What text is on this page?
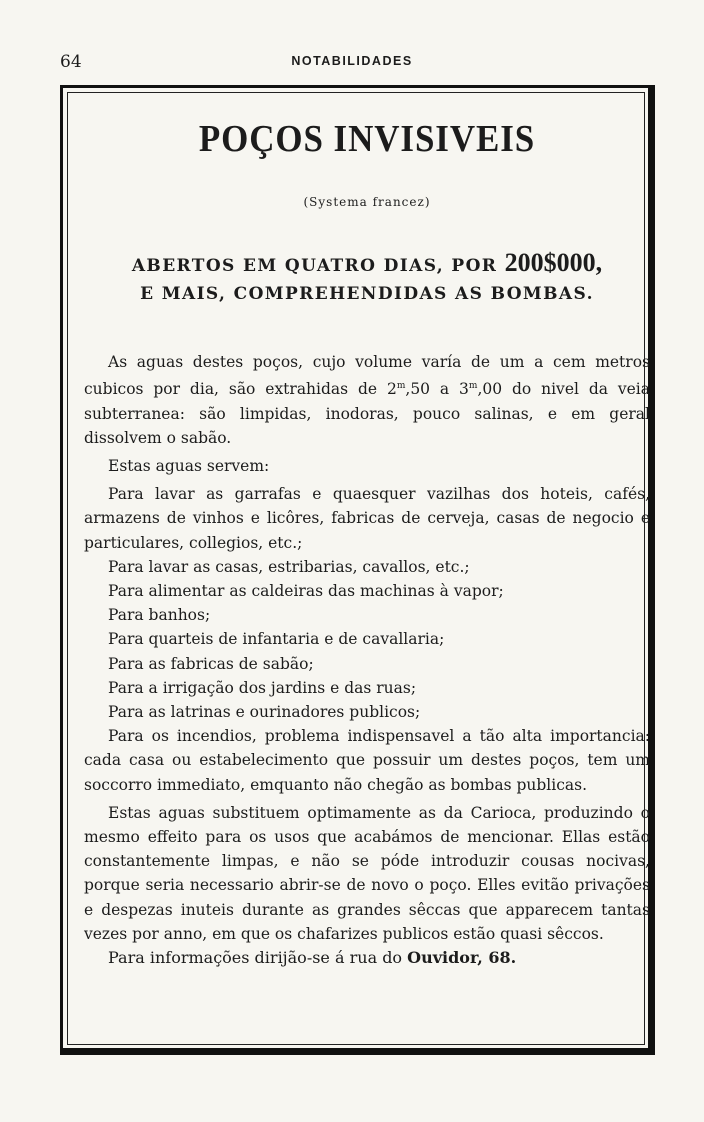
64	NOTABILIDADES
POÇOS INVISIVEIS
(Systema francez)
ABERTOS EM QUATRO DIAS, POR 200$000,
E MAIS, COMPREHENDIDAS AS BOMBAS.

As aguas destes poços, cujo volume varía de um a cem metros cubicos por dia, são extrahidas de 2$^m$,50 a 3$^m$,00 do nivel da veia subterranea: são limpidas, inodoras, pouco salinas, e em geral dissolvem o sabão.

Estas aguas servem:

Para lavar as garrafas e quaesquer vazilhas dos hoteis, cafés, armazens de vinhos e licôres, fabricas de cerveja, casas de negocio e particulares, collegios, etc.;

Para lavar as casas, estribarias, cavallos, etc.;

Para alimentar as caldeiras das machinas à vapor;

Para banhos;

Para quarteis de infantaria e de cavallaria;

Para as fabricas de sabão;

Para a irrigação dos jardins e das ruas;

Para as latrinas e ourinadores publicos;

Para os incendios, problema indispensavel a tão alta importancia: cada casa ou estabelecimento que possuir um destes poços, tem um soccorro immediato, emquanto não chegão as bombas publicas.

Estas aguas substituem optimamente as da Carioca, produzindo o mesmo effeito para os usos que acabámos de mencionar. Ellas estão constantemente limpas, e não se póde introduzir cousas nocivas, porque seria necessario abrir-se de novo o poço. Elles evitão privações e despezas inuteis durante as grandes sêccas que apparecem tantas vezes por anno, em que os chafarizes publicos estão quasi sêccos.

Para informações dirijão-se á rua do Ouvidor, 68.
